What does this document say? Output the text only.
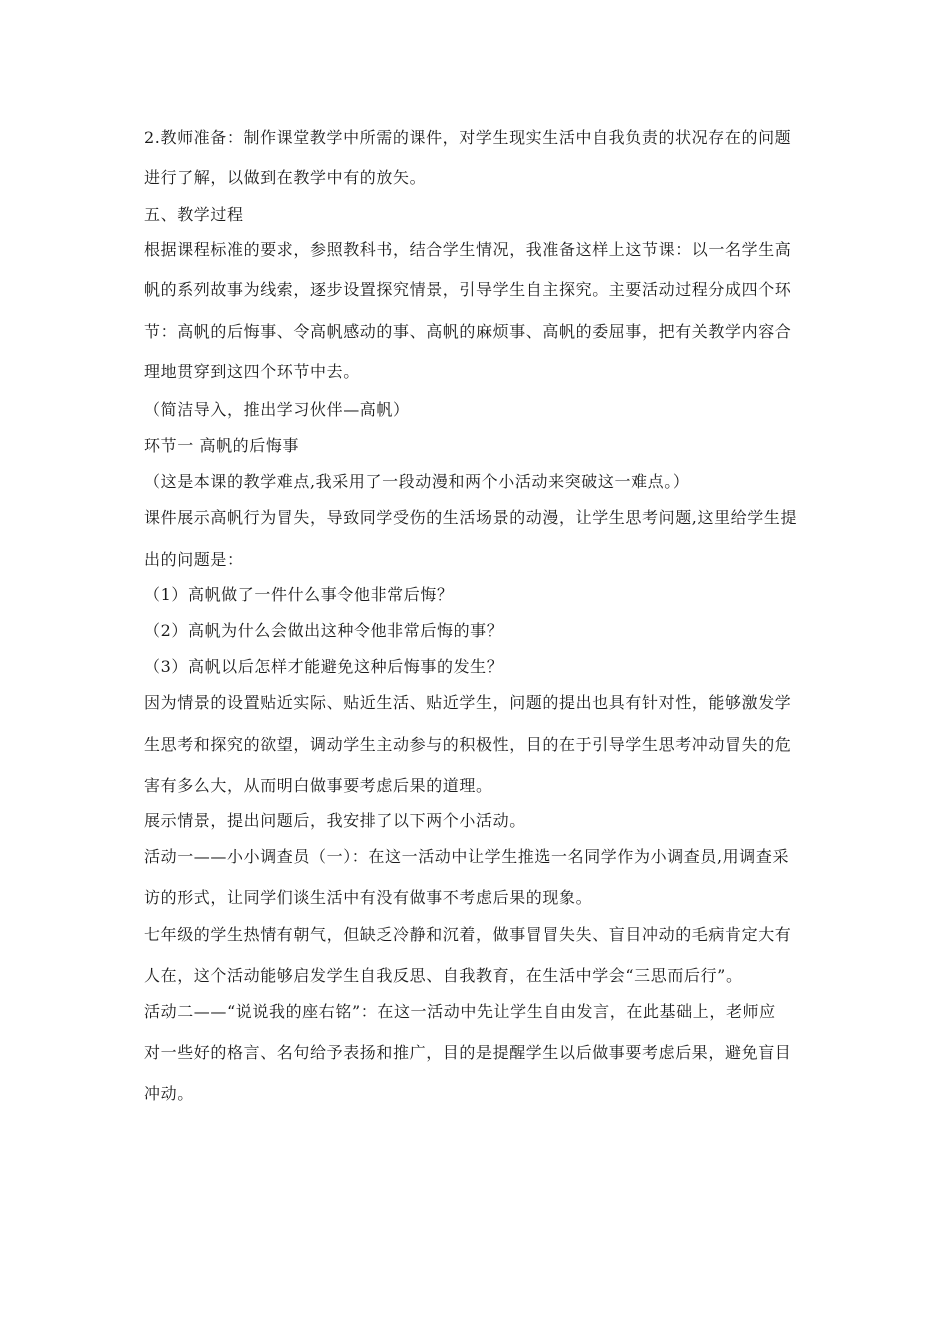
2.教师准备：制作课堂教学中所需的课件，对学生现实生活中自我负责的状况存在的问题
进行了解，以做到在教学中有的放矢。
五、教学过程
根据课程标准的要求，参照教科书，结合学生情况，我准备这样上这节课：以一名学生高
帆的系列故事为线索，逐步设置探究情景，引导学生自主探究。主要活动过程分成四个环
节：高帆的后悔事、令高帆感动的事、高帆的麻烦事、高帆的委屈事，把有关教学内容合
理地贯穿到这四个环节中去。
（简洁导入，推出学习伙伴—高帆）
环节一 高帆的后悔事
（这是本课的教学难点,我采用了一段动漫和两个小活动来突破这一难点。）
课件展示高帆行为冒失，导致同学受伤的生活场景的动漫，让学生思考问题,这里给学生提
出的问题是：
（1）高帆做了一件什么事令他非常后悔？
（2）高帆为什么会做出这种令他非常后悔的事？
（3）高帆以后怎样才能避免这种后悔事的发生？
因为情景的设置贴近实际、贴近生活、贴近学生，问题的提出也具有针对性，能够激发学
生思考和探究的欲望，调动学生主动参与的积极性，目的在于引导学生思考冲动冒失的危
害有多么大，从而明白做事要考虑后果的道理。
展示情景，提出问题后，我安排了以下两个小活动。
活动一——小小调查员（一）：在这一活动中让学生推选一名同学作为小调查员,用调查采
访的形式，让同学们谈生活中有没有做事不考虑后果的现象。
七年级的学生热情有朝气，但缺乏冷静和沉着，做事冒冒失失、盲目冲动的毛病肯定大有
人在，这个活动能够启发学生自我反思、自我教育，在生活中学会“三思而后行”。
活动二——“说说我的座右铭”：在这一活动中先让学生自由发言，在此基础上，老师应
对一些好的格言、名句给予表扬和推广，目的是提醒学生以后做事要考虑后果，避免盲目
冲动。
